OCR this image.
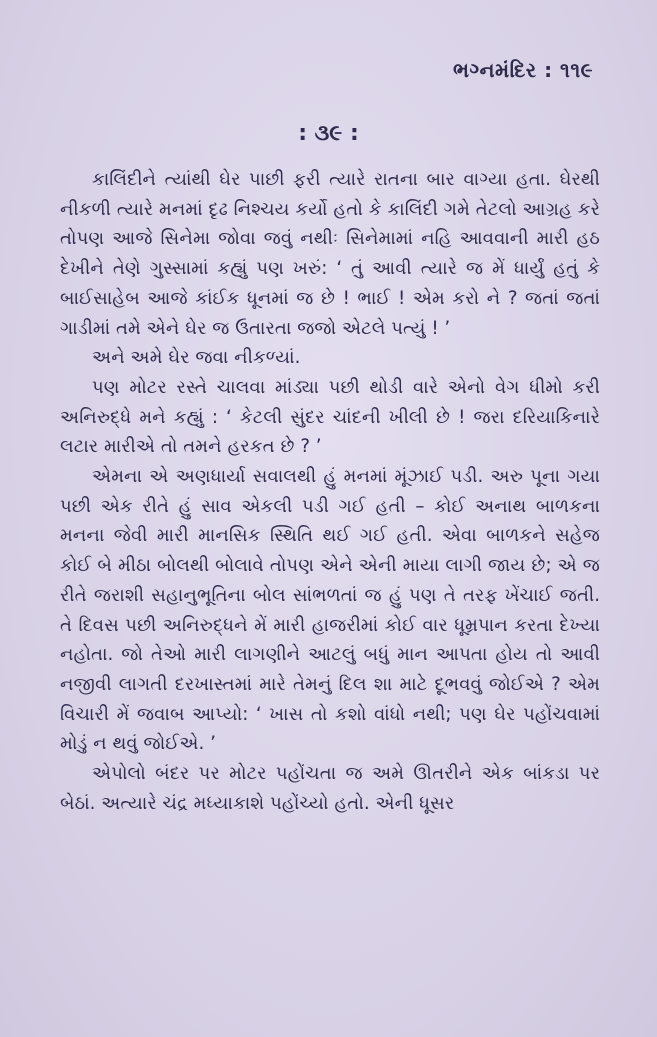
ભગ્નમંદિર : ૧૧૯
: ૩૯ :

કાલિંદીને ત્યાંથી ઘેર પાછી ફરી ત્યારે રાતના બાર વાગ્યા હતા. ઘેરથી નીકળી ત્યારે મનમાં દૃઢ નિશ્ચય કર્યો હતો કે કાલિંદી ગમે તેટલો આગ્રહ કરે તોપણ આજે સિનેમા જોવા જવું નથીઃ સિનેમામાં નહિ આવવાની મારી હઠ દેખીને તેણે ગુસ્સામાં કહ્યું પણ ખરું: ‘ તું આવી ત્યારે જ મેં ધાર્યું હતું કે બાઈસાહેબ આજે કાંઈક ધૂનમાં જ છે ! ભાઈ ! એમ કરો ને ? જતાં જતાં ગાડીમાં તમે એને ઘેર જ ઉતારતા જજો એટલે પત્યું ! ’

અને અમે ઘેર જવા નીકળ્યાં.

પણ મોટર રસ્તે ચાલવા માંડ્યા પછી થોડી વારે એનો વેગ ધીમો કરી અનિરુદ્ધે મને કહ્યું : ‘ કેટલી સુંદર ચાંદની ખીલી છે ! જરા દરિયાકિનારે લટાર મારીએ તો તમને હરકત છે ? ’

એમના એ અણધાર્યા સવાલથી હું મનમાં મૂંઝાઈ પડી. અરુ પૂના ગયા પછી એક રીતે હું સાવ એકલી પડી ગઈ હતી – કોઈ અનાથ બાળકના મનના જેવી મારી માનસિક સ્થિતિ થઈ ગઈ હતી. એવા બાળકને સહેજ કોઈ બે મીઠા બોલથી બોલાવે તોપણ એને એની માયા લાગી જાય છે; એ જ રીતે જરાશી સહાનુભૂતિના બોલ સાંભળતાં જ હું પણ તે તરફ ખેંચાઈ જતી. તે દિવસ પછી અનિરુદ્ધને મેં મારી હાજરીમાં કોઈ વાર ધૂમ્રપાન કરતા દેખ્યા નહોતા. જો તેઓ મારી લાગણીને આટલું બધું માન આપતા હોય તો આવી નજીવી લાગતી દરખાસ્તમાં મારે તેમનું દિલ શા માટે દૂભવવું જોઈએ ? એમ વિચારી મેં જવાબ આપ્યો: ‘ ખાસ તો કશો વાંધો નથી; પણ ઘેર પહોંચવામાં મોડું ન થવું જોઈએ. ’

એપોલો બંદર પર મોટર પહોંચતા જ અમે ઊતરીને એક બાંકડા પર બેઠાં. અત્યારે ચંદ્ર મધ્યાકાશે પહોંચ્યો હતો. એની ધૂસર
